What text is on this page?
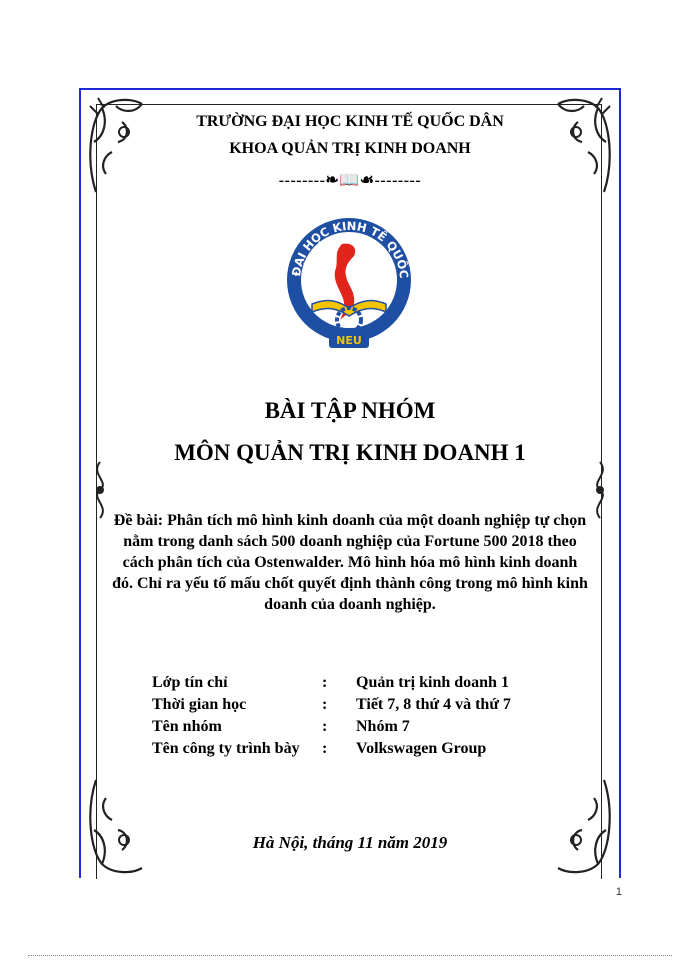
TRƯỜNG ĐẠI HỌC KINH TẾ QUỐC DÂN
KHOA QUẢN TRỊ KINH DOANH
--------❧📖☙--------
ĐẠI HỌC KINH TẾ QUỐC
NEU
BÀI TẬP NHÓM
MÔN QUẢN TRỊ KINH DOANH 1
Đề bài: Phân tích mô hình kinh doanh của một doanh nghiệp tự chọn nằm trong danh sách 500 doanh nghiệp của Fortune 500 2018 theo cách phân tích của Ostenwalder. Mô hình hóa mô hình kinh doanh đó. Chỉ ra yếu tố mấu chốt quyết định thành công trong mô hình kinh doanh của doanh nghiệp.
Lớp tín chỉ	:	Quản trị kinh doanh 1
Thời gian học	:	Tiết 7, 8 thứ 4 và thứ 7
Tên nhóm	:	Nhóm 7
Tên công ty trình bày	:	Volkswagen Group
Hà Nội, tháng 11 năm 2019
1
